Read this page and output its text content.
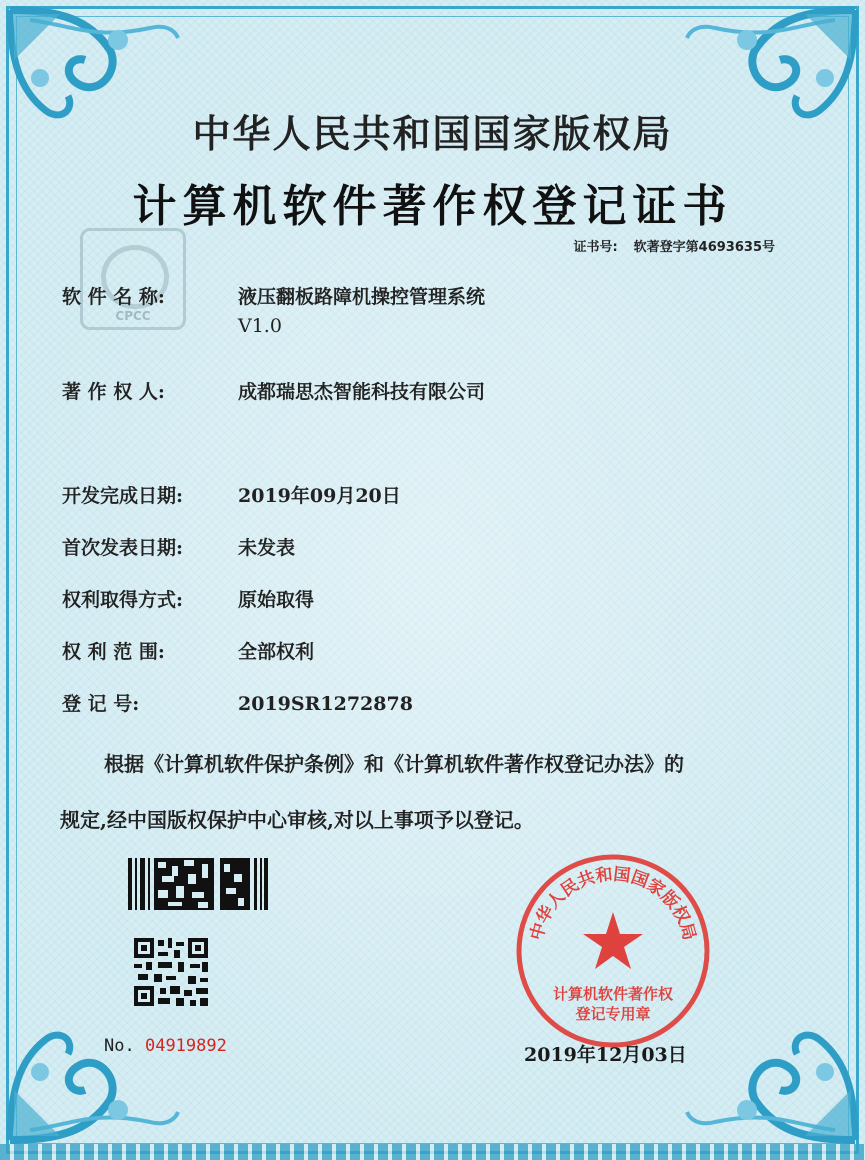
中华人民共和国国家版权局
计算机软件著作权登记证书
证书号: 软著登字第4693635号
CPCC
软 件 名 称:	液压翻板路障机操控管理系统
V1.0
著 作 权 人:	成都瑞思杰智能科技有限公司
开发完成日期:	2019年09月20日
首次发表日期:	未发表
权利取得方式:	原始取得
权 利 范 围:	全部权利
登 记 号:	2019SR1272878
根据《计算机软件保护条例》和《计算机软件著作权登记办法》的
规定,经中国版权保护中心审核,对以上事项予以登记。
No. 04919892
中华人民共和国国家版权局
计算机软件著作权
登记专用章
2019年12月03日
